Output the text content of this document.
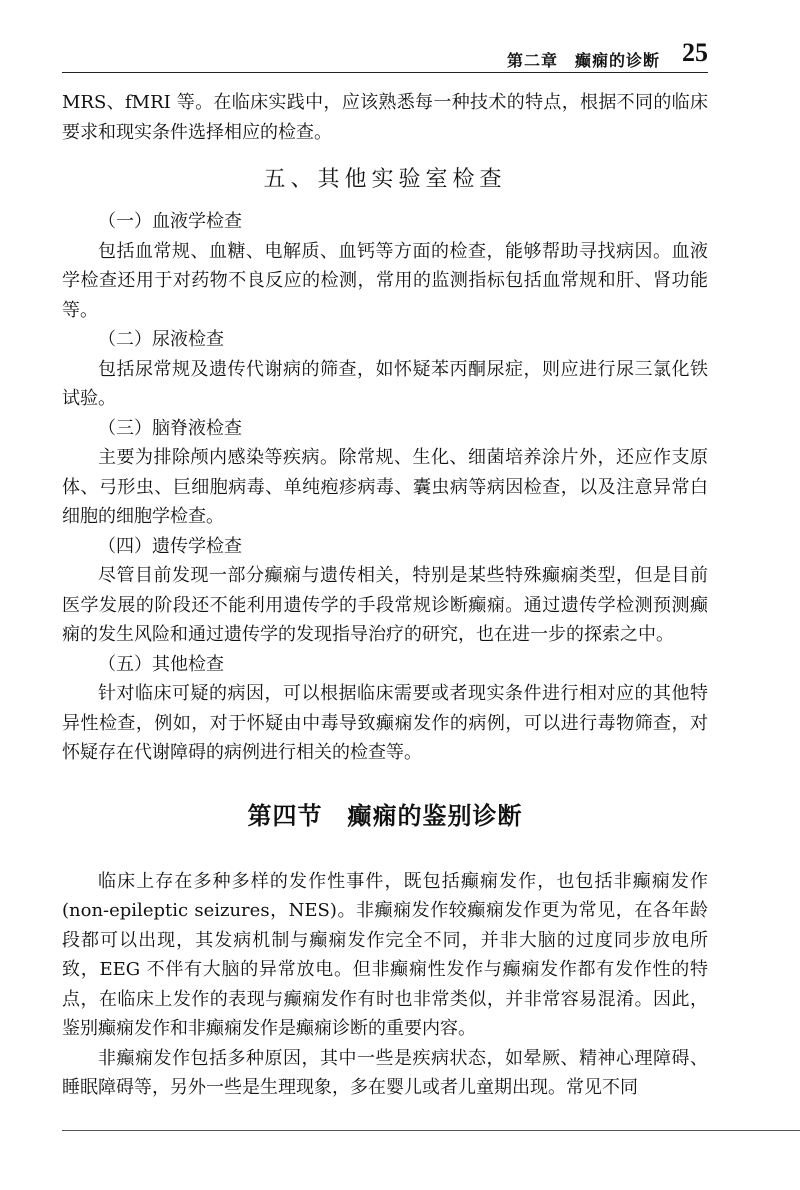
第二章　癫痫的诊断 25

MRS、fMRI 等。在临床实践中，应该熟悉每一种技术的特点，根据不同的临床要求和现实条件选择相应的检查。

五、其他实验室检查
（一）血液学检查

包括血常规、血糖、电解质、血钙等方面的检查，能够帮助寻找病因。血液学检查还用于对药物不良反应的检测，常用的监测指标包括血常规和肝、肾功能等。

（二）尿液检查

包括尿常规及遗传代谢病的筛查，如怀疑苯丙酮尿症，则应进行尿三氯化铁试验。

（三）脑脊液检查

主要为排除颅内感染等疾病。除常规、生化、细菌培养涂片外，还应作支原体、弓形虫、巨细胞病毒、单纯疱疹病毒、囊虫病等病因检查，以及注意异常白细胞的细胞学检查。

（四）遗传学检查

尽管目前发现一部分癫痫与遗传相关，特别是某些特殊癫痫类型，但是目前医学发展的阶段还不能利用遗传学的手段常规诊断癫痫。通过遗传学检测预测癫痫的发生风险和通过遗传学的发现指导治疗的研究，也在进一步的探索之中。

（五）其他检查

针对临床可疑的病因，可以根据临床需要或者现实条件进行相对应的其他特异性检查，例如，对于怀疑由中毒导致癫痫发作的病例，可以进行毒物筛查，对怀疑存在代谢障碍的病例进行相关的检查等。

第四节　癫痫的鉴别诊断

临床上存在多种多样的发作性事件，既包括癫痫发作，也包括非癫痫发作(non-epileptic seizures，NES)。非癫痫发作较癫痫发作更为常见，在各年龄段都可以出现，其发病机制与癫痫发作完全不同，并非大脑的过度同步放电所致，EEG 不伴有大脑的异常放电。但非癫痫性发作与癫痫发作都有发作性的特点，在临床上发作的表现与癫痫发作有时也非常类似，并非常容易混淆。因此，鉴别癫痫发作和非癫痫发作是癫痫诊断的重要内容。

非癫痫发作包括多种原因，其中一些是疾病状态，如晕厥、精神心理障碍、睡眠障碍等，另外一些是生理现象，多在婴儿或者儿童期出现。常见不同
